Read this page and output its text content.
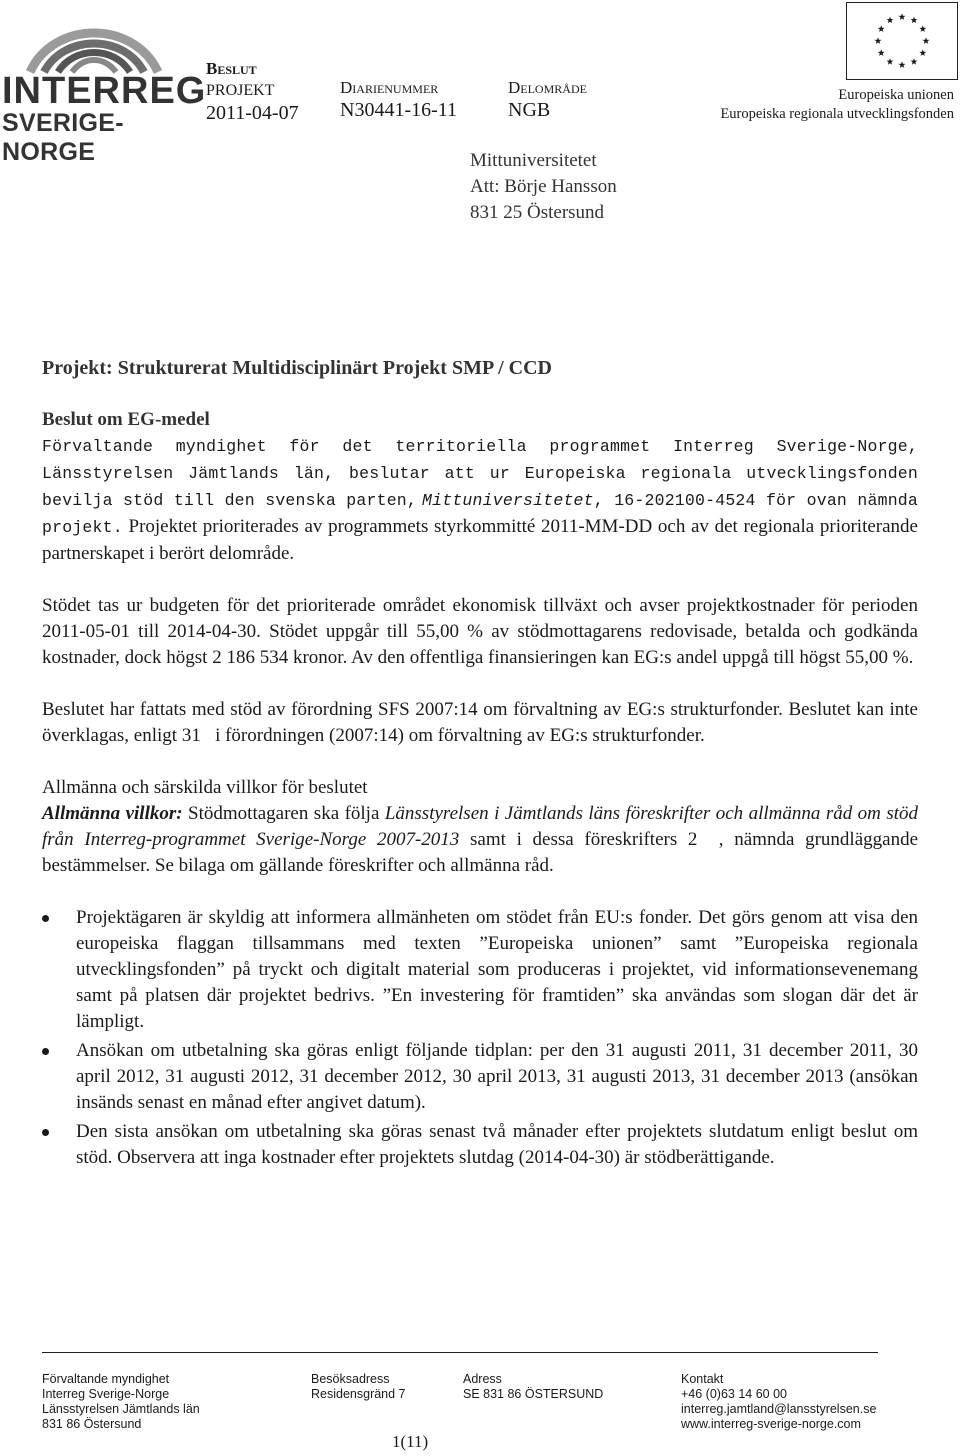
INTERREG
SVERIGE-NORGE
Beslut
PROJEKT
2011-04-07
Diarienummer
N30441-16-11
Delområde
NGB
Europeiska unionen
Europeiska regionala utvecklingsfonden
Mittuniversitetet
Att: Börje Hansson
831 25 Östersund

Projekt: Strukturerat Multidisciplinärt Projekt SMP / CCD

Beslut om EG-medel

Förvaltande myndighet för det territoriella programmet Interreg Sverige-Norge, Länsstyrelsen Jämtlands län, beslutar att ur Europeiska regionala utvecklingsfonden bevilja stöd till den svenska parten, Mittuniversitetet, 16-202100-4524 för ovan nämnda projekt. Projektet prioriterades av programmets styrkommitté 2011-MM-DD och av det regionala prioriterande partnerskapet i berört delområde.

Stödet tas ur budgeten för det prioriterade området ekonomisk tillväxt och avser projektkostnader för perioden 2011-05-01 till 2014-04-30. Stödet uppgår till 55,00 % av stödmottagarens redovisade, betalda och godkända kostnader, dock högst 2 186 534 kronor. Av den offentliga finansieringen kan EG:s andel uppgå till högst 55,00 %.

Beslutet har fattats med stöd av förordning SFS 2007:14 om förvaltning av EG:s strukturfonder. Beslutet kan inte överklagas, enligt 31   i förordningen (2007:14) om förvaltning av EG:s strukturfonder.

Allmänna och särskilda villkor för beslutet

Allmänna villkor: Stödmottagaren ska följa Länsstyrelsen i Jämtlands läns föreskrifter och allmänna råd om stöd från Interreg-programmet Sverige-Norge 2007-2013 samt i dessa föreskrifters 2  , nämnda grundläggande bestämmelser. Se bilaga om gällande föreskrifter och allmänna råd.

Projektägaren är skyldig att informera allmänheten om stödet från EU:s fonder. Det görs genom att visa den europeiska flaggan tillsammans med texten ”Europeiska unionen” samt ”Europeiska regionala utvecklingsfonden” på tryckt och digitalt material som produceras i projektet, vid informationsevenemang samt på platsen där projektet bedrivs. ”En investering för framtiden” ska användas som slogan där det är lämpligt.
Ansökan om utbetalning ska göras enligt följande tidplan: per den 31 augusti 2011, 31 december 2011, 30 april 2012, 31 augusti 2012, 31 december 2012, 30 april 2013, 31 augusti 2013, 31 december 2013 (ansökan insänds senast en månad efter angivet datum).
Den sista ansökan om utbetalning ska göras senast två månader efter projektets slutdatum enligt beslut om stöd. Observera att inga kostnader efter projektets slutdag (2014-04-30) är stödberättigande.
Förvaltande myndighet
Interreg Sverige-Norge
Länsstyrelsen Jämtlands län
831 86 Östersund
Besöksadress
Residensgränd 7
Adress
SE 831 86 ÖSTERSUND
Kontakt
+46 (0)63 14 60 00
interreg.jamtland@lansstyrelsen.se
www.interreg-sverige-norge.com
1(11)
